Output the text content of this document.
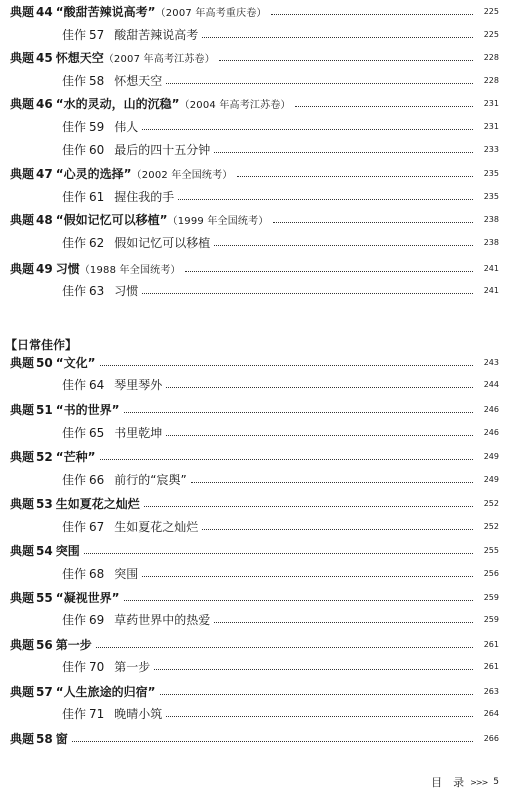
典题 44 “酸甜苦辣说高考”（2007 年高考重庆卷）	225
佳作 57 酸甜苦辣说高考	225
典题 45 怀想天空（2007 年高考江苏卷）	228
佳作 58 怀想天空	228
典题 46 “水的灵动，山的沉稳”（2004 年高考江苏卷）	231
佳作 59 伟人	231
佳作 60 最后的四十五分钟	233
典题 47 “心灵的选择”（2002 年全国统考）	235
佳作 61 握住我的手	235
典题 48 “假如记忆可以移植”（1999 年全国统考）	238
佳作 62 假如记忆可以移植	238
典题 49 习惯（1988 年全国统考）	241
佳作 63 习惯	241
【日常佳作】
典题 50 “文化”	243
佳作 64 琴里琴外	244
典题 51 “书的世界”	246
佳作 65 书里乾坤	246
典题 52 “芒种”	249
佳作 66 前行的“宸舆”	249
典题 53 生如夏花之灿烂	252
佳作 67 生如夏花之灿烂	252
典题 54 突围	255
佳作 68 突围	256
典题 55 “凝视世界”	259
佳作 69 草药世界中的热爱	259
典题 56 第一步	261
佳作 70 第一步	261
典题 57 “人生旅途的归宿”	263
佳作 71 晚晴小筑	264
典题 58 窗	266
目　录 >>> 5
